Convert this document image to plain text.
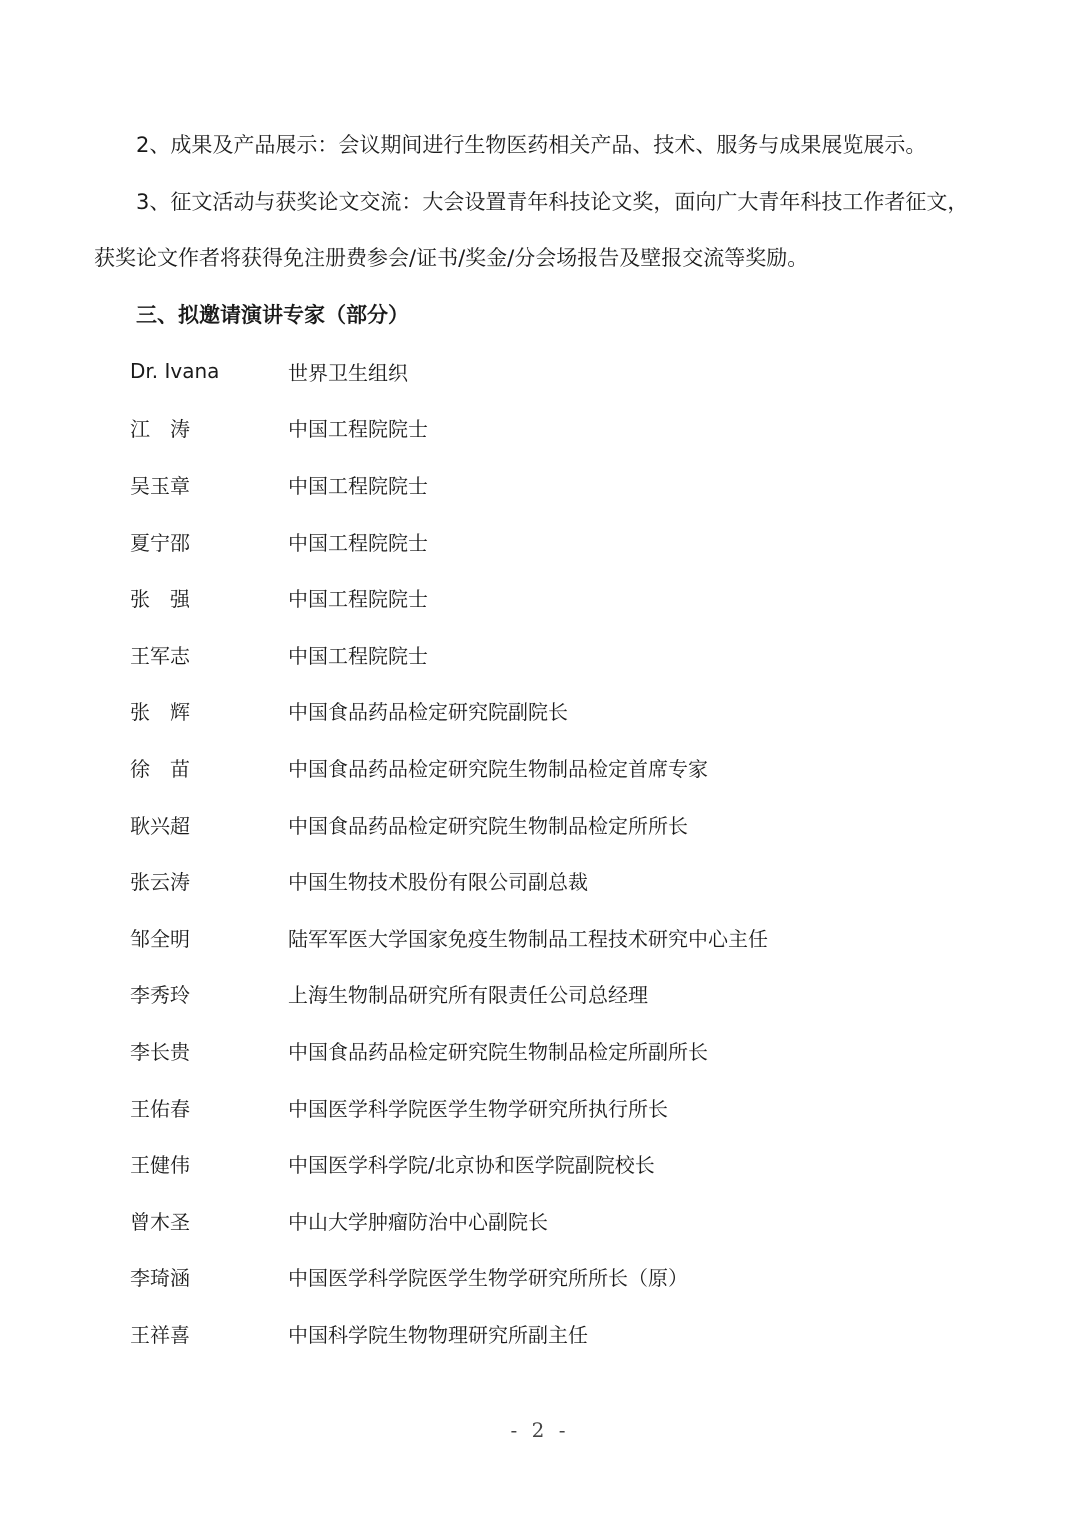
2、成果及产品展示：会议期间进行生物医药相关产品、技术、服务与成果展览展示。

3、征文活动与获奖论文交流：大会设置青年科技论文奖，面向广大青年科技工作者征文，

获奖论文作者将获得免注册费参会/证书/奖金/分会场报告及壁报交流等奖励。

三、拟邀请演讲专家（部分）
Dr. Ivana	世界卫生组织
江　涛	中国工程院院士
吴玉章	中国工程院院士
夏宁邵	中国工程院院士
张　强	中国工程院院士
王军志	中国工程院院士
张　辉	中国食品药品检定研究院副院长
徐　苗	中国食品药品检定研究院生物制品检定首席专家
耿兴超	中国食品药品检定研究院生物制品检定所所长
张云涛	中国生物技术股份有限公司副总裁
邹全明	陆军军医大学国家免疫生物制品工程技术研究中心主任
李秀玲	上海生物制品研究所有限责任公司总经理
李长贵	中国食品药品检定研究院生物制品检定所副所长
王佑春	中国医学科学院医学生物学研究所执行所长
王健伟	中国医学科学院/北京协和医学院副院校长
曾木圣	中山大学肿瘤防治中心副院长
李琦涵	中国医学科学院医学生物学研究所所长（原）
王祥喜	中国科学院生物物理研究所副主任
- 2 -
